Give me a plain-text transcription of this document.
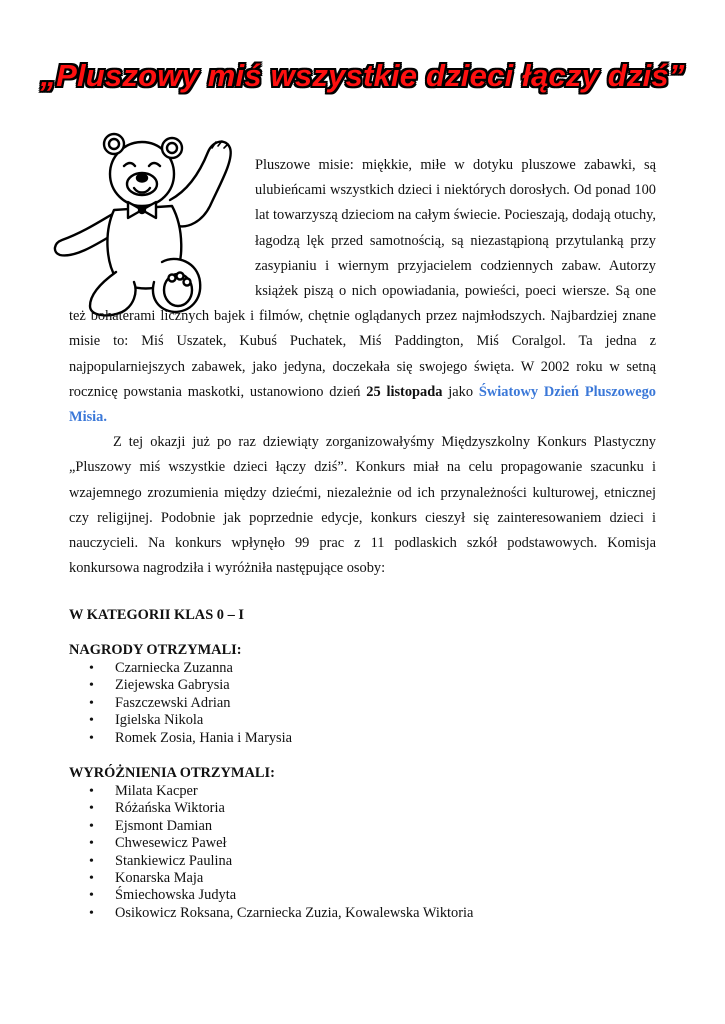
„Pluszowy miś wszystkie dzieci łączy dziś”

Pluszowe misie: miękkie, miłe w dotyku pluszowe zabawki, są ulubieńcami wszystkich dzieci i niektórych dorosłych. Od ponad 100 lat towarzyszą dzieciom na całym świecie. Pocieszają, dodają otuchy, łagodzą lęk przed samotnością, są niezastąpioną przytulanką przy zasypianiu i wiernym przyjacielem codziennych zabaw. Autorzy książek piszą o nich opowiadania, powieści, poeci wiersze. Są one też bohaterami licznych bajek i filmów, chętnie oglądanych przez najmłodszych. Najbardziej znane misie to: Miś Uszatek, Kubuś Puchatek, Miś Paddington, Miś Coralgol. Ta jedna z najpopularniejszych zabawek, jako jedyna, doczekała się swojego święta. W 2002 roku w setną rocznicę powstania maskotki, ustanowiono dzień 25 listopada jako Światowy Dzień Pluszowego Misia.

Z tej okazji już po raz dziewiąty zorganizowałyśmy Międzyszkolny Konkurs Plastyczny „Pluszowy miś wszystkie dzieci łączy dziś”. Konkurs miał na celu propagowanie szacunku i wzajemnego zrozumienia między dziećmi, niezależnie od ich przynależności kulturowej, etnicznej czy religijnej. Podobnie jak poprzednie edycje, konkurs cieszył się zainteresowaniem dzieci i nauczycieli. Na konkurs wpłynęło 99 prac z 11 podlaskich szkół podstawowych. Komisja konkursowa nagrodziła i wyróżniła następujące osoby:

W KATEGORII KLAS 0 – I
NAGRODY OTRZYMALI:
• Czarniecka Zuzanna
• Ziejewska Gabrysia
• Faszczewski Adrian
• Igielska Nikola
• Romek Zosia, Hania i Marysia
WYRÓŻNIENIA OTRZYMALI:
• Milata Kacper
• Różańska Wiktoria
• Ejsmont Damian
• Chwesewicz Paweł
• Stankiewicz Paulina
• Konarska Maja
• Śmiechowska Judyta
• Osikowicz Roksana, Czarniecka Zuzia, Kowalewska Wiktoria
